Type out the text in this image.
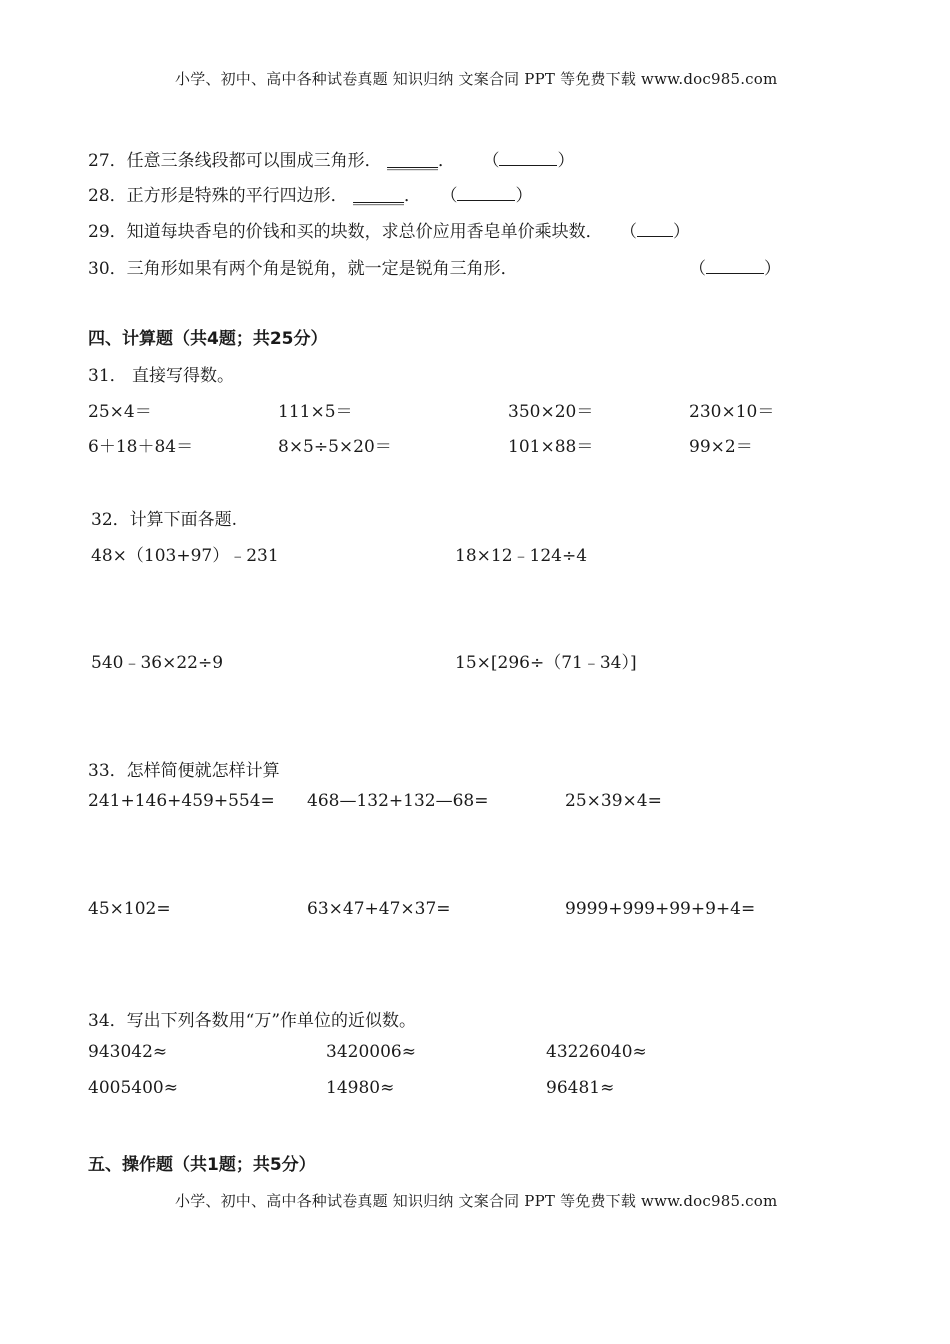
小学、初中、高中各种试卷真题 知识归纳 文案合同 PPT 等免费下载 www.doc985.com
27．任意三条线段都可以围成三角形． ______． （	）
28．正方形是特殊的平行四边形． ______． （	）
29．知道每块香皂的价钱和买的块数，求总价应用香皂单价乘块数． （ ）
30．三角形如果有两个角是锐角，就一定是锐角三角形．	（	）
四、计算题（共4题；共25分）
31． 直接写得数。
25×4＝	111×5＝	350×20＝	230×10＝
6＋18＋84＝	8×5÷5×20＝	101×88＝	99×2＝
32．计算下面各题.
48×（103+97）﹣231	18×12﹣124÷4
540﹣36×22÷9	15×[296÷（71﹣34）]
33．怎样简便就怎样计算
241+146+459+554= 468—132+132—68=	25×39×4=
45×102=	63×47+47×37=	9999+999+99+9+4=
34．写出下列各数用“万”作单位的近似数。
943042≈	3420006≈	43226040≈
4005400≈	14980≈	96481≈
五、操作题（共1题；共5分）
小学、初中、高中各种试卷真题 知识归纳 文案合同 PPT 等免费下载 www.doc985.com
